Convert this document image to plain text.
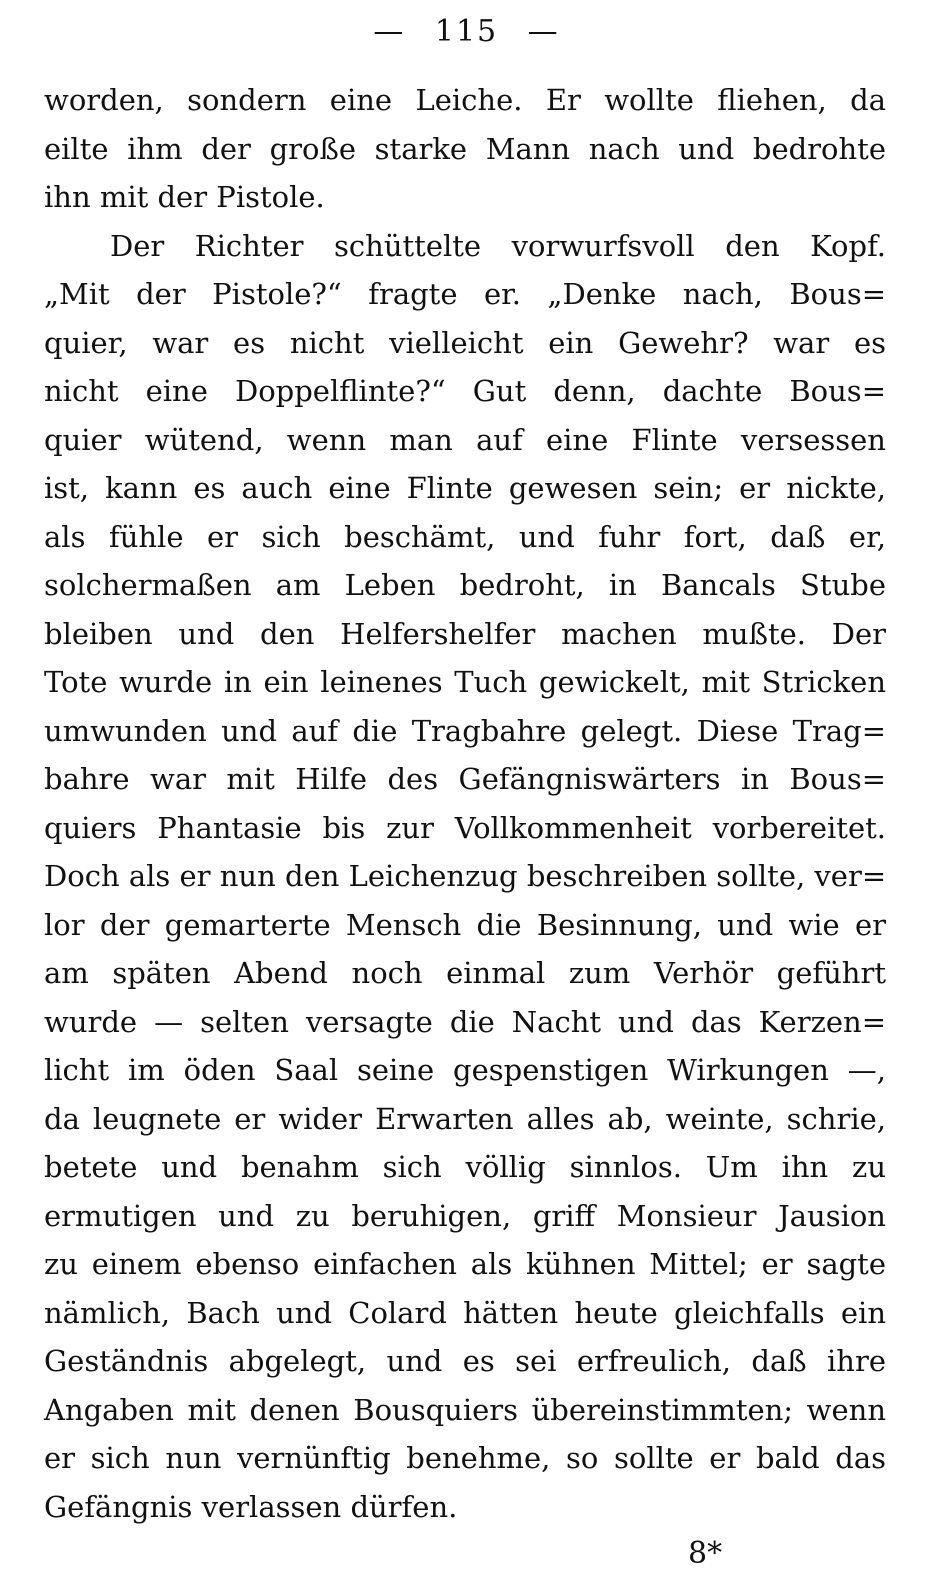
— 115 —
worden, sondern eine Leiche. Er wollte fliehen, da
eilte ihm der große starke Mann nach und bedrohte
ihn mit der Pistole.
Der Richter schüttelte vorwurfsvoll den Kopf.
„Mit der Pistole?“ fragte er. „Denke nach, Bous=
quier, war es nicht vielleicht ein Gewehr? war es
nicht eine Doppelflinte?“ Gut denn, dachte Bous=
quier wütend, wenn man auf eine Flinte versessen
ist, kann es auch eine Flinte gewesen sein; er nickte,
als fühle er sich beschämt, und fuhr fort, daß er,
solchermaßen am Leben bedroht, in Bancals Stube
bleiben und den Helfershelfer machen mußte. Der
Tote wurde in ein leinenes Tuch gewickelt, mit Stricken
umwunden und auf die Tragbahre gelegt. Diese Trag=
bahre war mit Hilfe des Gefängniswärters in Bous=
quiers Phantasie bis zur Vollkommenheit vorbereitet.
Doch als er nun den Leichenzug beschreiben sollte, ver=
lor der gemarterte Mensch die Besinnung, und wie er
am späten Abend noch einmal zum Verhör geführt
wurde — selten versagte die Nacht und das Kerzen=
licht im öden Saal seine gespenstigen Wirkungen —,
da leugnete er wider Erwarten alles ab, weinte, schrie,
betete und benahm sich völlig sinnlos. Um ihn zu
ermutigen und zu beruhigen, griff Monsieur Jausion
zu einem ebenso einfachen als kühnen Mittel; er sagte
nämlich, Bach und Colard hätten heute gleichfalls ein
Geständnis abgelegt, und es sei erfreulich, daß ihre
Angaben mit denen Bousquiers übereinstimmten; wenn
er sich nun vernünftig benehme, so sollte er bald das
Gefängnis verlassen dürfen.
8*
